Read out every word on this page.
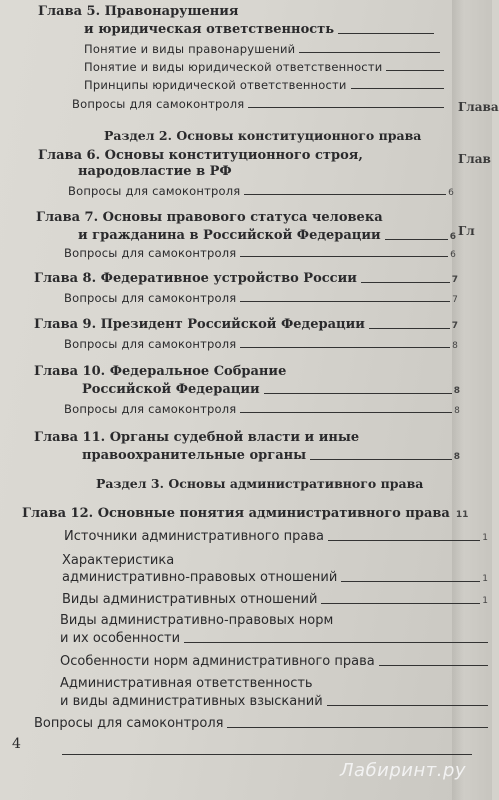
Глава
Глав
Гл
Глава 5. Правонарушения
и юридическая ответственность
Понятие и виды правонарушений
Понятие и виды юридической ответственности
Принципы юридической ответственности
Вопросы для самоконтроля
Раздел 2. Основы конституционного права
Глава 6. Основы конституционного строя,
народовластие в РФ
Вопросы для самоконтроля	6
Глава 7. Основы правового статуса человека
и гражданина в Российской Федерации	6
Вопросы для самоконтроля	6
Глава 8. Федеративное устройство России	7
Вопросы для самоконтроля	7
Глава 9. Президент Российской Федерации	7
Вопросы для самоконтроля	8
Глава 10. Федеральное Собрание
Российской Федерации	8
Вопросы для самоконтроля	8
Глава 11. Органы судебной власти и иные
правоохранительные органы	8
Раздел 3. Основы административного права
Глава 12. Основные понятия административного права 11
Источники административного права	1
Характеристика
административно-правовых отношений	1
Виды административных отношений	1
Виды административно-правовых норм
и их особенности
Особенности норм административного права
Административная ответственность
и виды административных взысканий
Вопросы для самоконтроля
4
Лабиринт.ру
